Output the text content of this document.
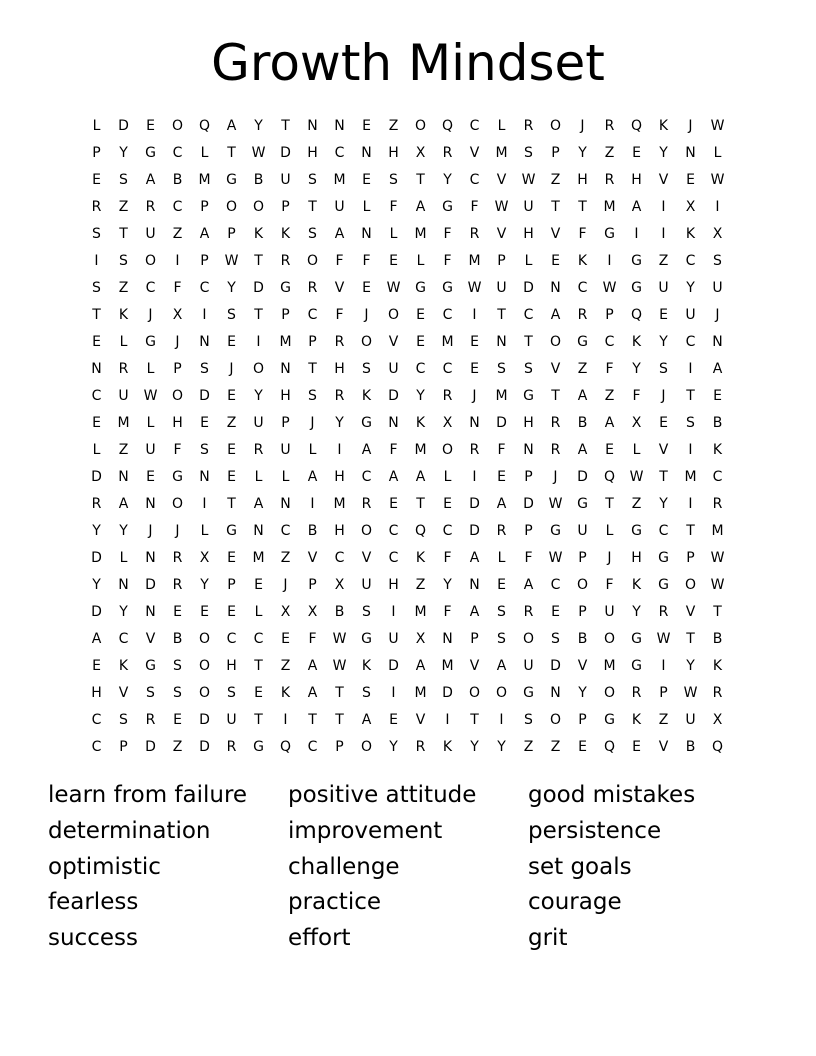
Growth Mindset
L	D	E	O	Q	A	Y	T	N	N	E	Z	O	Q	C	L	R	O	J	R	Q	K	J	W
P	Y	G	C	L	T	W	D	H	C	N	H	X	R	V	M	S	P	Y	Z	E	Y	N	L
E	S	A	B	M	G	B	U	S	M	E	S	T	Y	C	V	W	Z	H	R	H	V	E	W
R	Z	R	C	P	O	O	P	T	U	L	F	A	G	F	W	U	T	T	M	A	I	X	I
S	T	U	Z	A	P	K	K	S	A	N	L	M	F	R	V	H	V	F	G	I	I	K	X
I	S	O	I	P	W	T	R	O	F	F	E	L	F	M	P	L	E	K	I	G	Z	C	S
S	Z	C	F	C	Y	D	G	R	V	E	W	G	G	W	U	D	N	C	W	G	U	Y	U
T	K	J	X	I	S	T	P	C	F	J	O	E	C	I	T	C	A	R	P	Q	E	U	J
E	L	G	J	N	E	I	M	P	R	O	V	E	M	E	N	T	O	G	C	K	Y	C	N
N	R	L	P	S	J	O	N	T	H	S	U	C	C	E	S	S	V	Z	F	Y	S	I	A
C	U	W	O	D	E	Y	H	S	R	K	D	Y	R	J	M	G	T	A	Z	F	J	T	E
E	M	L	H	E	Z	U	P	J	Y	G	N	K	X	N	D	H	R	B	A	X	E	S	B
L	Z	U	F	S	E	R	U	L	I	A	F	M	O	R	F	N	R	A	E	L	V	I	K
D	N	E	G	N	E	L	L	A	H	C	A	A	L	I	E	P	J	D	Q	W	T	M	C
R	A	N	O	I	T	A	N	I	M	R	E	T	E	D	A	D	W	G	T	Z	Y	I	R
Y	Y	J	J	L	G	N	C	B	H	O	C	Q	C	D	R	P	G	U	L	G	C	T	M
D	L	N	R	X	E	M	Z	V	C	V	C	K	F	A	L	F	W	P	J	H	G	P	W
Y	N	D	R	Y	P	E	J	P	X	U	H	Z	Y	N	E	A	C	O	F	K	G	O	W
D	Y	N	E	E	E	L	X	X	B	S	I	M	F	A	S	R	E	P	U	Y	R	V	T
A	C	V	B	O	C	C	E	F	W	G	U	X	N	P	S	O	S	B	O	G	W	T	B
E	K	G	S	O	H	T	Z	A	W	K	D	A	M	V	A	U	D	V	M	G	I	Y	K
H	V	S	S	O	S	E	K	A	T	S	I	M	D	O	O	G	N	Y	O	R	P	W	R
C	S	R	E	D	U	T	I	T	T	A	E	V	I	T	I	S	O	P	G	K	Z	U	X
C	P	D	Z	D	R	G	Q	C	P	O	Y	R	K	Y	Y	Z	Z	E	Q	E	V	B	Q
learn from failure	positive attitude	good mistakes
determination	improvement	persistence
optimistic	challenge	set goals
fearless	practice	courage
success	effort	grit
